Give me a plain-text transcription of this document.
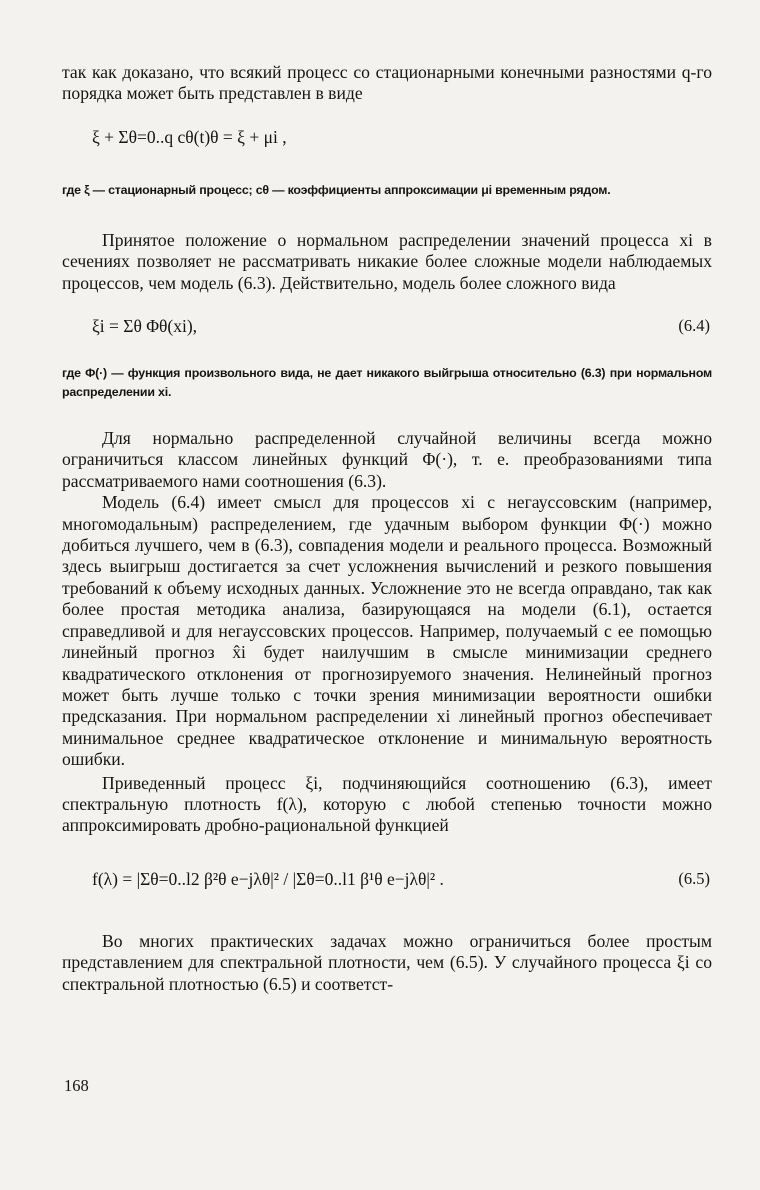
так как доказано, что всякий процесс со стационарными конечными разностями q-го порядка может быть представлен в виде

ξ + Σθ=0..q cθ(t)θ = ξ + μi ,

где ξ — стационарный процесс; cθ — коэффициенты аппроксимации μi временным рядом.

Принятое положение о нормальном распределении значений процесса xi в сечениях позволяет не рассматривать никакие более сложные модели наблюдаемых процессов, чем модель (6.3). Действительно, модель более сложного вида

ξi = Σθ Φθ(xi),	(6.4)

где Φ(·) — функция произвольного вида, не дает никакого выйгрыша относительно (6.3) при нормальном распределении xi.

Для нормально распределенной случайной величины всегда можно ограничиться классом линейных функций Φ(·), т. е. преобразованиями типа рассматриваемого нами соотношения (6.3).

Модель (6.4) имеет смысл для процессов xi с негауссовским (например, многомодальным) распределением, где удачным выбором функции Φ(·) можно добиться лучшего, чем в (6.3), совпадения модели и реального процесса. Возможный здесь выигрыш достигается за счет усложнения вычислений и резкого повышения требований к объему исходных данных. Усложнение это не всегда оправдано, так как более простая методика анализа, базирующаяся на модели (6.1), остается справедливой и для негауссовских процессов. Например, получаемый с ее помощью линейный прогноз x̂i будет наилучшим в смысле минимизации среднего квадратического отклонения от прогнозируемого значения. Нелинейный прогноз может быть лучше только с точки зрения минимизации вероятности ошибки предсказания. При нормальном распределении xi линейный прогноз обеспечивает минимальное среднее квадратическое отклонение и минимальную вероятность ошибки.

Приведенный процесс ξi, подчиняющийся соотношению (6.3), имеет спектральную плотность f(λ), которую с любой степенью точности можно аппроксимировать дробно-рациональной функцией

f(λ) = |Σθ=0..l2 β²θ e−jλθ|² / |Σθ=0..l1 β¹θ e−jλθ|² .	(6.5)

Во многих практических задачах можно ограничиться более простым представлением для спектральной плотности, чем (6.5). У случайного процесса ξi со спектральной плотностью (6.5) и соответст-

168
